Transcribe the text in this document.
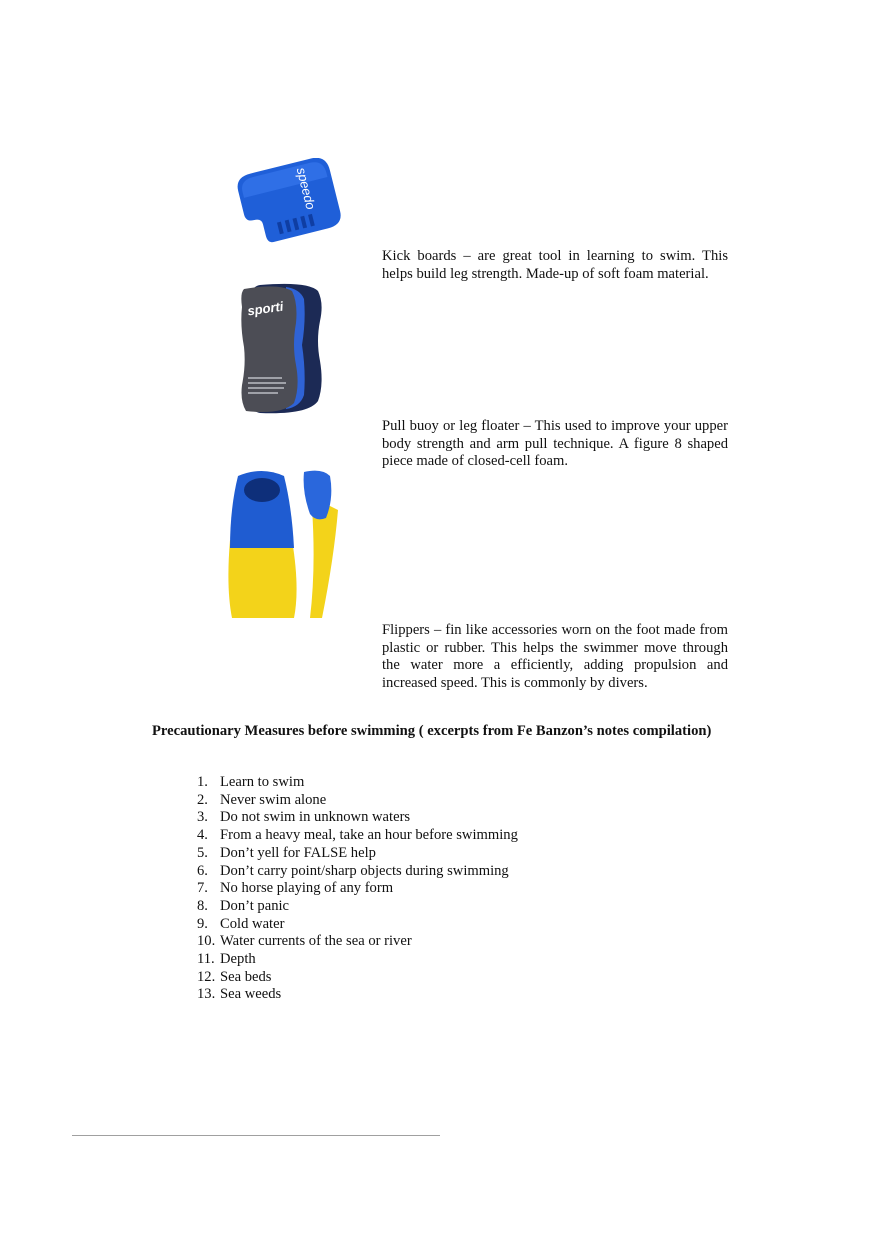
speedo
Kick boards – are great tool in learning to swim. This helps build leg strength. Made-up of soft foam material.
sporti
Pull buoy or leg floater – This used to improve your upper body strength and arm pull technique. A figure 8 shaped piece made of closed-cell foam.
Flippers – fin like accessories worn on the foot made from plastic or rubber. This helps the swimmer move through the water more a efficiently, adding propulsion and increased speed. This is commonly by divers.
Precautionary Measures before swimming ( excerpts from Fe Banzon’s notes compilation)
1. Learn to swim
2. Never swim alone
3. Do not swim in unknown waters
4. From a heavy meal, take an hour before swimming
5. Don’t yell for FALSE help
6. Don’t carry point/sharp objects during swimming
7. No horse playing of any form
8. Don’t panic
9. Cold water
10. Water currents of the sea or river
11. Depth
12. Sea beds
13. Sea weeds
